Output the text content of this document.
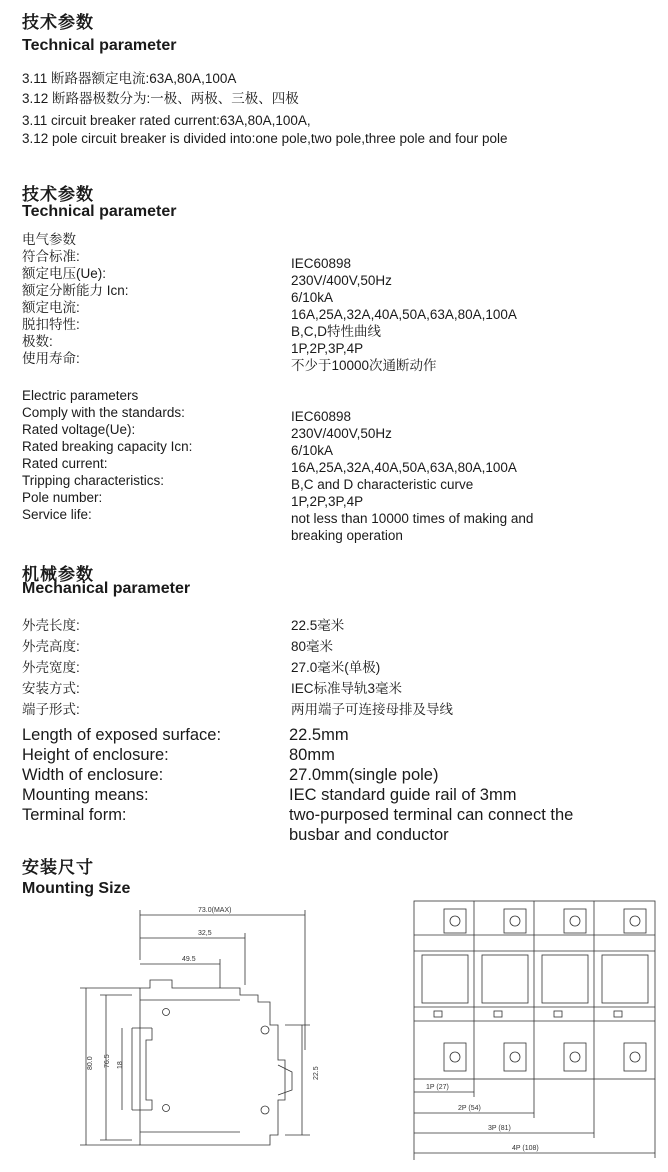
技术参数
Technical parameter
3.11 断路器额定电流:63A,80A,100A
3.12 断路器极数分为:一极、两极、三极、四极
3.11 circuit breaker rated current:63A,80A,100A,
3.12 pole circuit breaker is divided into:one pole,two pole,three pole and four pole
技术参数
Technical parameter
电气参数
符合标准:
额定电压(Ue):
额定分断能力 Icn:
额定电流:
脱扣特性:
极数:
使用寿命:
IEC60898
230V/400V,50Hz
6/10kA
16A,25A,32A,40A,50A,63A,80A,100A
B,C,D特性曲线
1P,2P,3P,4P
不少于10000次通断动作
Electric parameters
Comply with the standards:
Rated voltage(Ue):
Rated breaking capacity Icn:
Rated current:
Tripping characteristics:
Pole number:
Service life:
IEC60898
230V/400V,50Hz
6/10kA
16A,25A,32A,40A,50A,63A,80A,100A
B,C and D characteristic curve
1P,2P,3P,4P
not less than 10000 times of making and
breaking operation
机械参数
Mechanical parameter
外壳长度:
外壳高度:
外壳宽度:
安装方式:
端子形式:
22.5毫米
80毫米
27.0毫米(单极)
IEC标准导轨3毫米
两用端子可连接母排及导线
Length of exposed surface:
Height of enclosure:
Width of enclosure:
Mounting means:
Terminal form:
22.5mm
80mm
27.0mm(single pole)
IEC standard guide rail of 3mm
two-purposed terminal can connect the
busbar and conductor
安装尺寸
Mounting Size
73.0(MAX)
32,5
49.5
80.0 76.5 18
22.5
1P (27)
2P (54)
3P (81)
4P (108)
